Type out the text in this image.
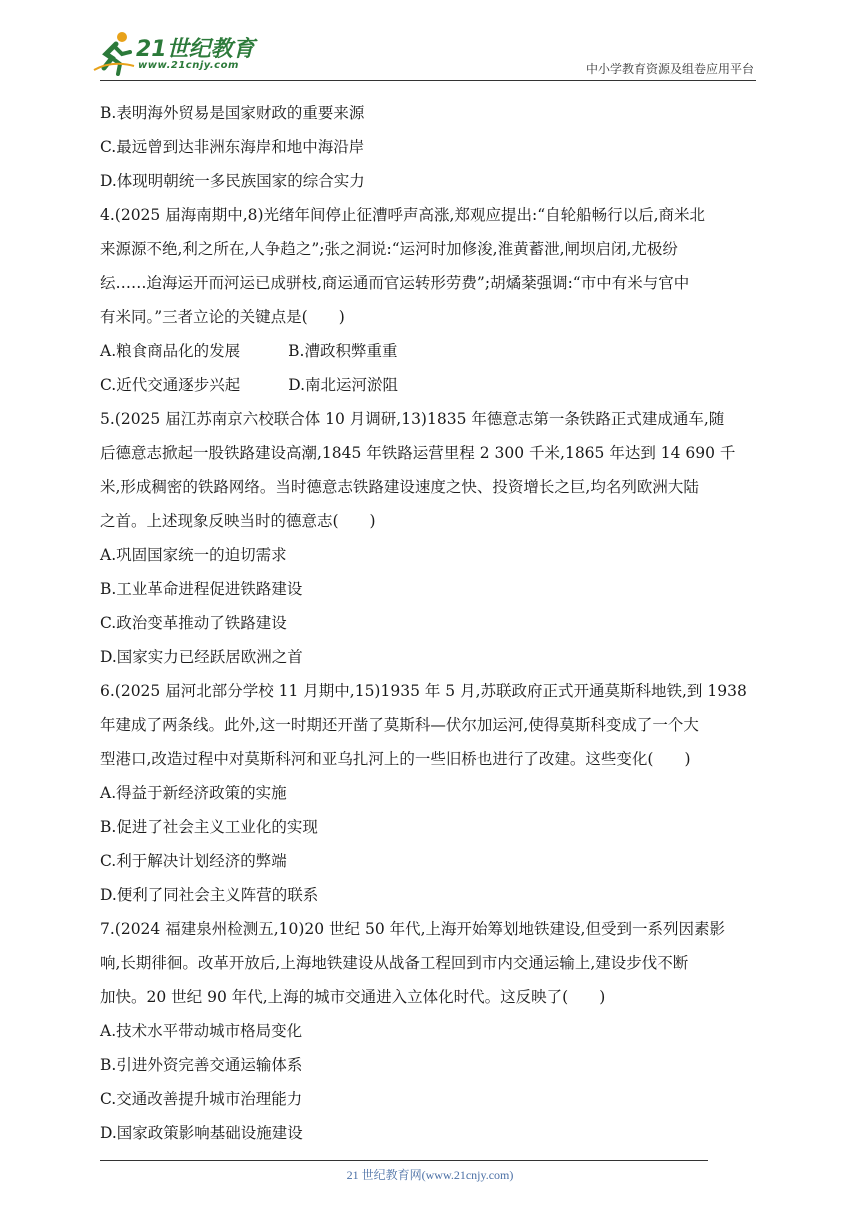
21世纪教育
www.21cnjy.com	中小学教育资源及组卷应用平台
B.表明海外贸易是国家财政的重要来源
C.最远曾到达非洲东海岸和地中海沿岸
D.体现明朝统一多民族国家的综合实力
4.(2025 届海南期中,8)光绪年间停止征漕呼声高涨,郑观应提出:“自轮船畅行以后,商米北
来源源不绝,利之所在,人争趋之”;张之洞说:“运河时加修浚,淮黄蓄泄,闸坝启闭,尤极纷
纭……迨海运开而河运已成骈枝,商运通而官运转形劳费”;胡燏棻强调:“市中有米与官中
有米同。”三者立论的关键点是(　　)
A.粮食商品化的发展	B.漕政积弊重重
C.近代交通逐步兴起	D.南北运河淤阻
5.(2025 届江苏南京六校联合体 10 月调研,13)1835 年德意志第一条铁路正式建成通车,随
后德意志掀起一股铁路建设高潮,1845 年铁路运营里程 2 300 千米,1865 年达到 14 690 千
米,形成稠密的铁路网络。当时德意志铁路建设速度之快、投资增长之巨,均名列欧洲大陆
之首。上述现象反映当时的德意志(　　)
A.巩固国家统一的迫切需求
B.工业革命进程促进铁路建设
C.政治变革推动了铁路建设
D.国家实力已经跃居欧洲之首
6.(2025 届河北部分学校 11 月期中,15)1935 年 5 月,苏联政府正式开通莫斯科地铁,到 1938
年建成了两条线。此外,这一时期还开凿了莫斯科—伏尔加运河,使得莫斯科变成了一个大
型港口,改造过程中对莫斯科河和亚乌扎河上的一些旧桥也进行了改建。这些变化(　　)
A.得益于新经济政策的实施
B.促进了社会主义工业化的实现
C.利于解决计划经济的弊端
D.便利了同社会主义阵营的联系
7.(2024 福建泉州检测五,10)20 世纪 50 年代,上海开始筹划地铁建设,但受到一系列因素影
响,长期徘徊。改革开放后,上海地铁建设从战备工程回到市内交通运输上,建设步伐不断
加快。20 世纪 90 年代,上海的城市交通进入立体化时代。这反映了(　　)
A.技术水平带动城市格局变化
B.引进外资完善交通运输体系
C.交通改善提升城市治理能力
D.国家政策影响基础设施建设
21 世纪教育网(www.21cnjy.com)
